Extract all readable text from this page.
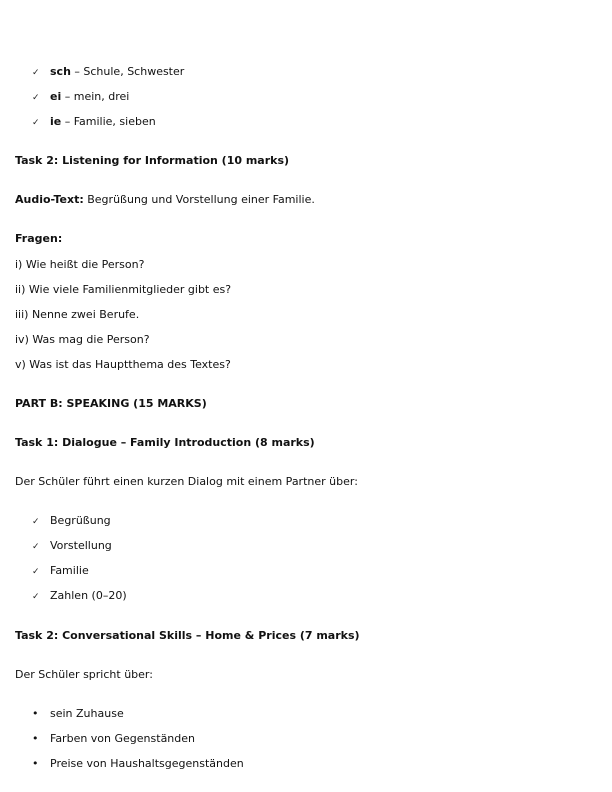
✓ sch – Schule, Schwester
✓ ei – mein, drei
✓ ie – Familie, sieben
Task 2: Listening for Information (10 marks)
Audio-Text: Begrüßung und Vorstellung einer Familie.
Fragen:
i) Wie heißt die Person?
ii) Wie viele Familienmitglieder gibt es?
iii) Nenne zwei Berufe.
iv) Was mag die Person?
v) Was ist das Hauptthema des Textes?
PART B: SPEAKING (15 MARKS)
Task 1: Dialogue – Family Introduction (8 marks)
Der Schüler führt einen kurzen Dialog mit einem Partner über:
✓ Begrüßung
✓ Vorstellung
✓ Familie
✓ Zahlen (0–20)
Task 2: Conversational Skills – Home & Prices (7 marks)
Der Schüler spricht über:
• sein Zuhause
• Farben von Gegenständen
• Preise von Haushaltsgegenständen
